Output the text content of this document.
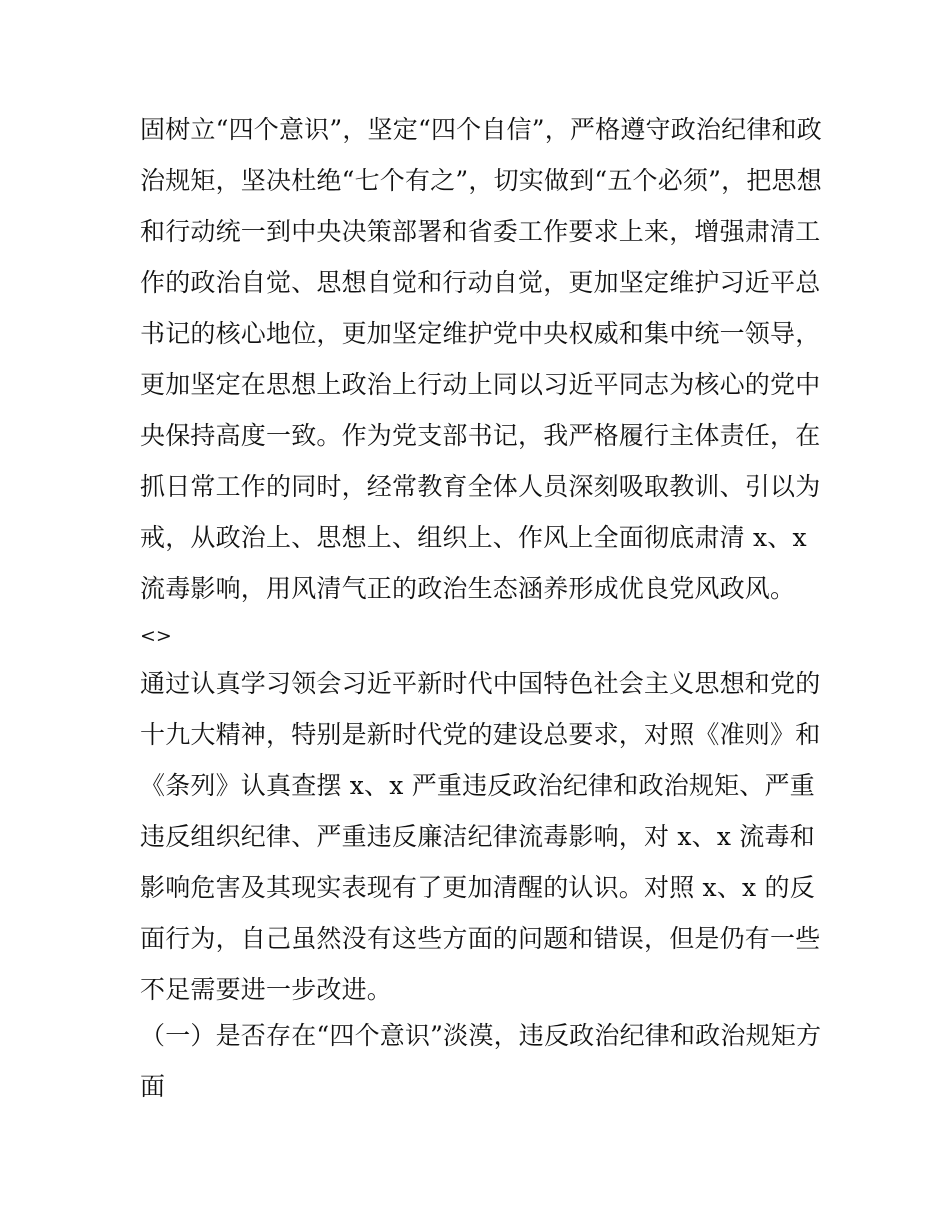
固树立“四个意识”，坚定“四个自信”，严格遵守政治纪律和政
治规矩，坚决杜绝“七个有之”，切实做到“五个必须”，把思想
和行动统一到中央决策部署和省委工作要求上来，增强肃清工
作的政治自觉、思想自觉和行动自觉，更加坚定维护习近平总
书记的核心地位，更加坚定维护党中央权威和集中统一领导，
更加坚定在思想上政治上行动上同以习近平同志为核心的党中
央保持高度一致。作为党支部书记，我严格履行主体责任，在
抓日常工作的同时，经常教育全体人员深刻吸取教训、引以为
戒，从政治上、思想上、组织上、作风上全面彻底肃清 x、x
流毒影响，用风清气正的政治生态涵养形成优良党风政风。
<>
通过认真学习领会习近平新时代中国特色社会主义思想和党的
十九大精神，特别是新时代党的建设总要求，对照《准则》和
《条列》认真查摆 x、x 严重违反政治纪律和政治规矩、严重
违反组织纪律、严重违反廉洁纪律流毒影响，对 x、x 流毒和
影响危害及其现实表现有了更加清醒的认识。对照 x、x 的反
面行为，自己虽然没有这些方面的问题和错误，但是仍有一些
不足需要进一步改进。
（一）是否存在“四个意识”淡漠，违反政治纪律和政治规矩方
面
